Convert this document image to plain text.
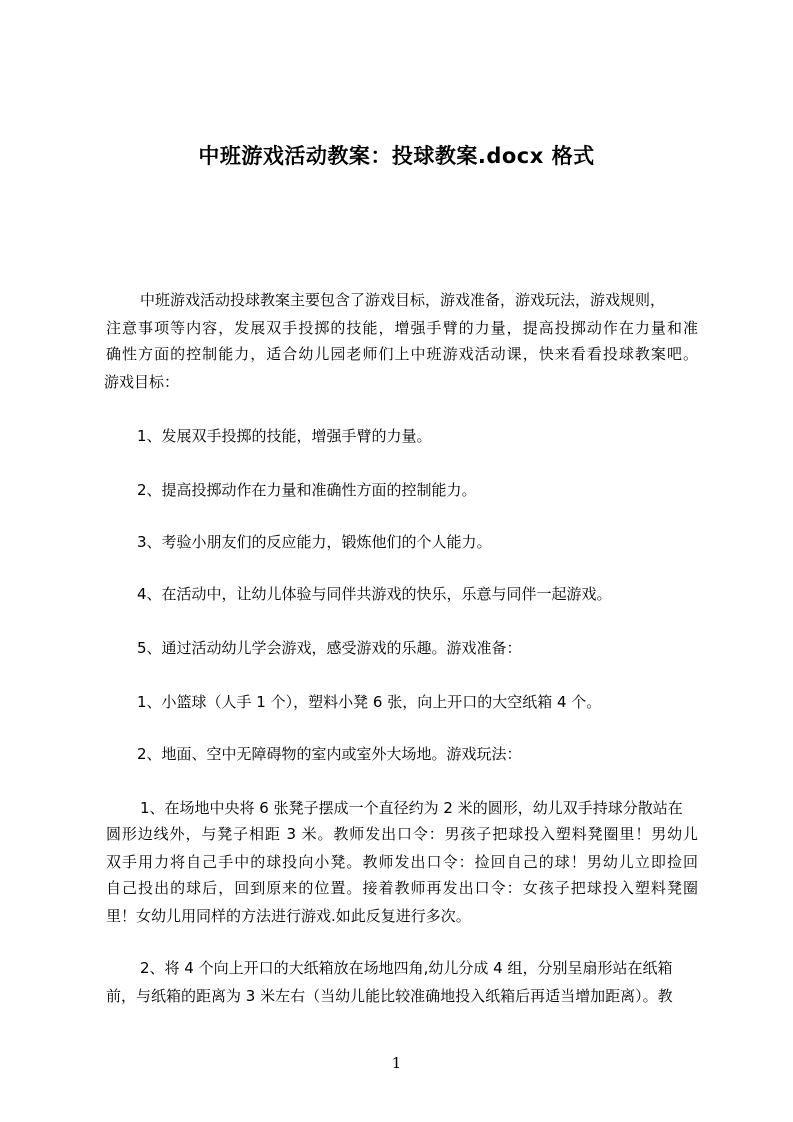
中班游戏活动教案：投球教案.docx 格式
中班游戏活动投球教案主要包含了游戏目标，游戏准备，游戏玩法，游戏规则，
注意事项等内容，发展双手投掷的技能，增强手臂的力量，提高投掷动作在力量和准
确性方面的控制能力，适合幼儿园老师们上中班游戏活动课，快来看看投球教案吧。
游戏目标：
1、发展双手投掷的技能，增强手臂的力量。
2、提高投掷动作在力量和准确性方面的控制能力。
3、考验小朋友们的反应能力，锻炼他们的个人能力。
4、在活动中，让幼儿体验与同伴共游戏的快乐，乐意与同伴一起游戏。
5、通过活动幼儿学会游戏，感受游戏的乐趣。游戏准备：
1、小篮球（人手 1 个），塑料小凳 6 张，向上开口的大空纸箱 4 个。
2、地面、空中无障碍物的室内或室外大场地。游戏玩法：
1、在场地中央将 6 张凳子摆成一个直径约为 2 米的圆形，幼儿双手持球分散站在
圆形边线外，与凳子相距 3 米。教师发出口令：男孩子把球投入塑料凳圈里！男幼儿
双手用力将自己手中的球投向小凳。教师发出口令：捡回自己的球！男幼儿立即捡回
自己投出的球后，回到原来的位置。接着教师再发出口令：女孩子把球投入塑料凳圈
里！女幼儿用同样的方法进行游戏.如此反复进行多次。
2、将 4 个向上开口的大纸箱放在场地四角,幼儿分成 4 组，分别呈扇形站在纸箱
前，与纸箱的距离为 3 米左右（当幼儿能比较准确地投入纸箱后再适当增加距离）。教
1
